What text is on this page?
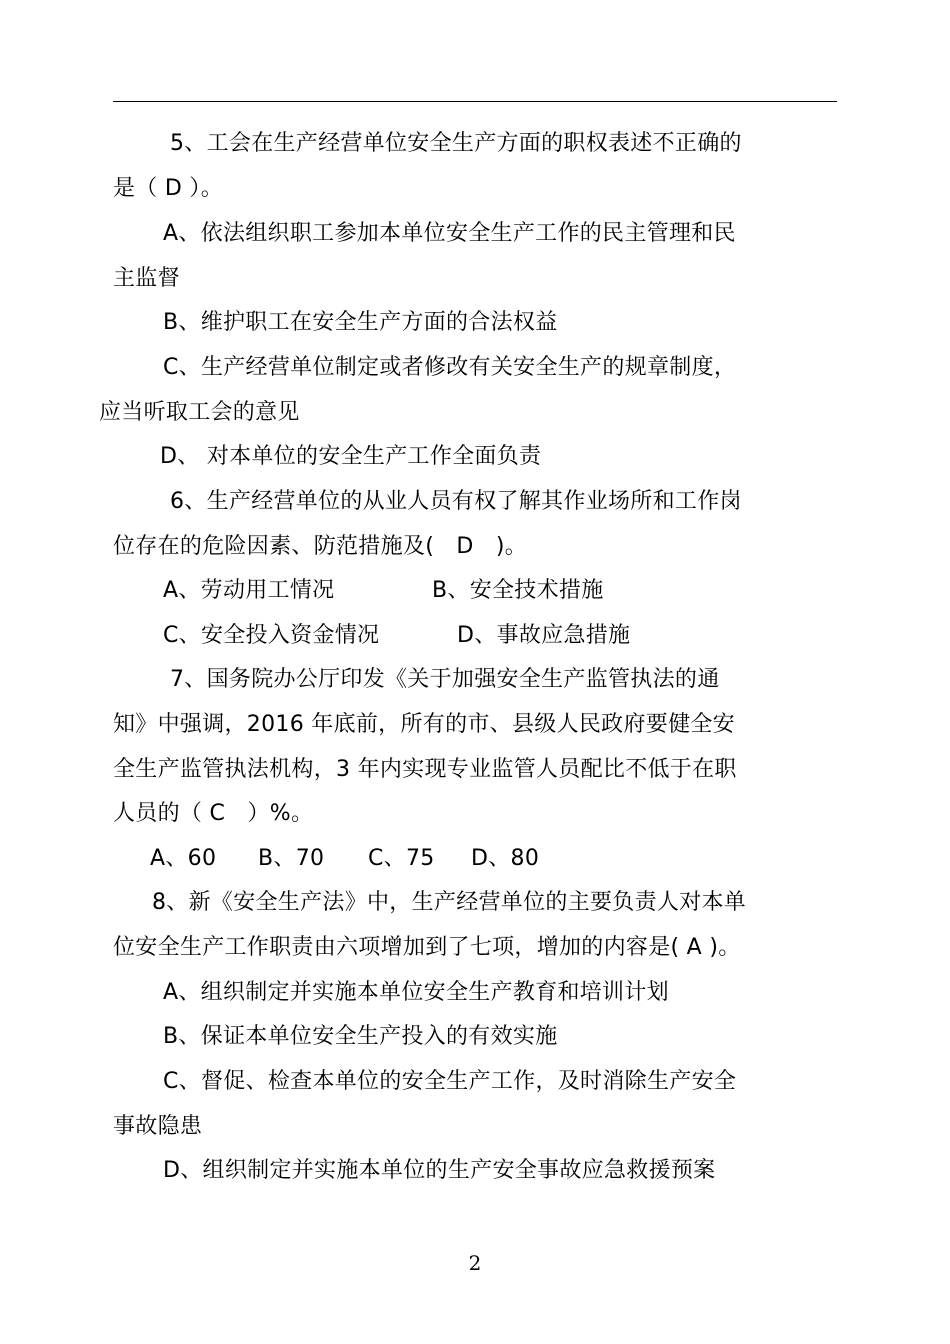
5、工会在生产经营单位安全生产方面的职权表述不正确的
是（ D ）。
A、依法组织职工参加本单位安全生产工作的民主管理和民
主监督
B、维护职工在安全生产方面的合法权益
C、生产经营单位制定或者修改有关安全生产的规章制度，
应当听取工会的意见
D、 对本单位的安全生产工作全面负责
6、生产经营单位的从业人员有权了解其作业场所和工作岗
位存在的危险因素、防范措施及(　D　)。
A、劳动用工情况	B、安全技术措施
C、安全投入资金情况	D、事故应急措施
7、国务院办公厅印发《关于加强安全生产监管执法的通
知》中强调，2016 年底前，所有的市、县级人民政府要健全安
全生产监管执法机构，3 年内实现专业监管人员配比不低于在职
人员的（ C　）%。
A、60 B、70 C、75 D、80
8、新《安全生产法》中，生产经营单位的主要负责人对本单
位安全生产工作职责由六项增加到了七项，增加的内容是( A )。
A、组织制定并实施本单位安全生产教育和培训计划
B、保证本单位安全生产投入的有效实施
C、督促、检查本单位的安全生产工作，及时消除生产安全
事故隐患
D、组织制定并实施本单位的生产安全事故应急救援预案
2
